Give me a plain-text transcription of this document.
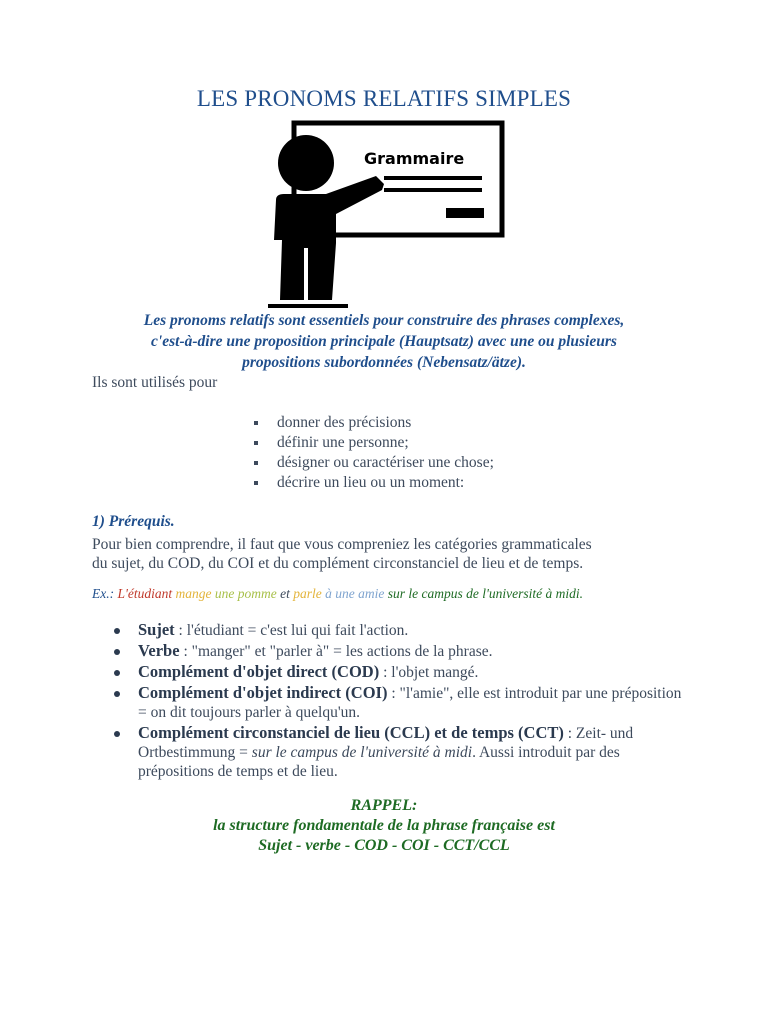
LES PRONOMS RELATIFS SIMPLES
Grammaire
Les pronoms relatifs sont essentiels pour construire des phrases complexes,
c'est-à-dire une proposition principale (Hauptsatz) avec une ou plusieurs
propositions subordonnées (Nebensatz/ätze).
Ils sont utilisés pour
donner des précisions
définir une personne;
désigner ou caractériser une chose;
décrire un lieu ou un moment:
1) Prérequis.
Pour bien comprendre, il faut que vous compreniez les catégories grammaticales
du sujet, du COD, du COI et du complément circonstanciel de lieu et de temps.
Ex.: L'étudiant mange une pomme et parle à une amie sur le campus de l'université à midi.
Sujet : l'étudiant = c'est lui qui fait l'action.
Verbe : "manger" et "parler à" = les actions de la phrase.
Complément d'objet direct (COD) : l'objet mangé.
Complément d'objet indirect (COI) : "l'amie", elle est introduit par une préposition = on dit toujours parler à quelqu'un.
Complément circonstanciel de lieu (CCL) et de temps (CCT) : Zeit- und Ortbestimmung = sur le campus de l'université à midi. Aussi introduit par des prépositions de temps et de lieu.
RAPPEL:
la structure fondamentale de la phrase française est
Sujet - verbe - COD - COI - CCT/CCL
